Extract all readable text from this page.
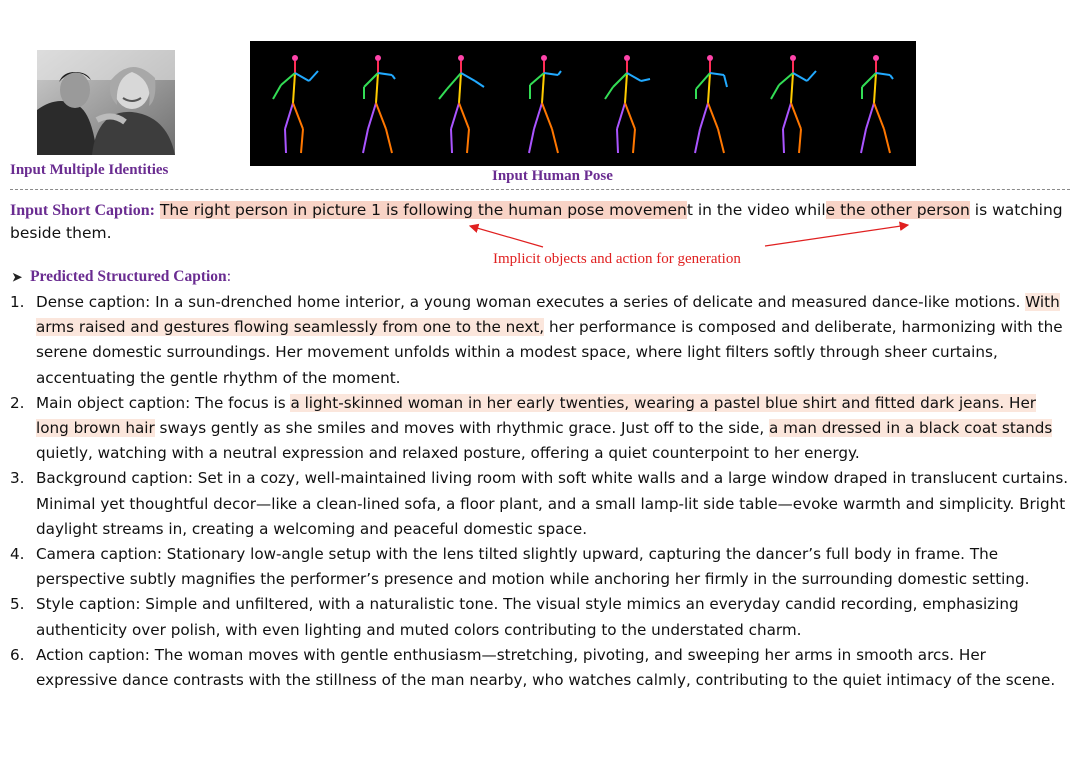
Input Multiple Identities	Input Human Pose
Input Short Caption: The right person in picture 1 is following the human pose movement in the video while the other person is watching beside them.
Implicit objects and action for generation
➤ Predicted Structured Caption:
1. Dense caption: In a sun-drenched home interior, a young woman executes a series of delicate and measured dance-like motions. With arms raised and gestures flowing seamlessly from one to the next, her performance is composed and deliberate, harmonizing with the serene domestic surroundings. Her movement unfolds within a modest space, where light filters softly through sheer curtains, accentuating the gentle rhythm of the moment.
2. Main object caption: The focus is a light-skinned woman in her early twenties, wearing a pastel blue shirt and fitted dark jeans. Her long brown hair sways gently as she smiles and moves with rhythmic grace. Just off to the side, a man dressed in a black coat stands quietly, watching with a neutral expression and relaxed posture, offering a quiet counterpoint to her energy.
3. Background caption: Set in a cozy, well-maintained living room with soft white walls and a large window draped in translucent curtains. Minimal yet thoughtful decor—like a clean-lined sofa, a floor plant, and a small lamp-lit side table—evoke warmth and simplicity. Bright daylight streams in, creating a welcoming and peaceful domestic space.
4. Camera caption: Stationary low-angle setup with the lens tilted slightly upward, capturing the dancer’s full body in frame. The perspective subtly magnifies the performer’s presence and motion while anchoring her firmly in the surrounding domestic setting.
5. Style caption: Simple and unfiltered, with a naturalistic tone. The visual style mimics an everyday candid recording, emphasizing authenticity over polish, with even lighting and muted colors contributing to the understated charm.
6. Action caption: The woman moves with gentle enthusiasm—stretching, pivoting, and sweeping her arms in smooth arcs. Her expressive dance contrasts with the stillness of the man nearby, who watches calmly, contributing to the quiet intimacy of the scene.
